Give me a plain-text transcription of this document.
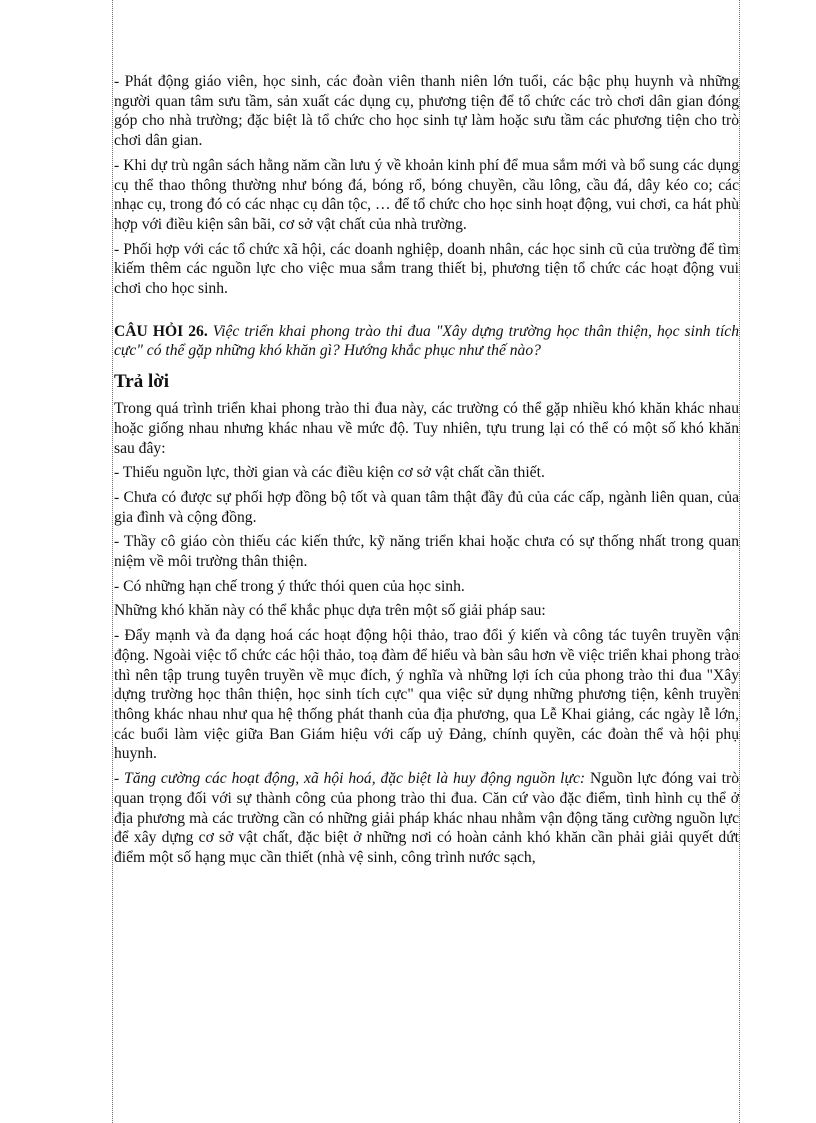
- Phát động giáo viên, học sinh, các đoàn viên thanh niên lớn tuổi, các bậc phụ huynh và những người quan tâm sưu tầm, sản xuất các dụng cụ, phương tiện để tổ chức các trò chơi dân gian đóng góp cho nhà trường; đặc biệt là tổ chức cho học sinh tự làm hoặc sưu tầm các phương tiện cho trò chơi dân gian.

- Khi dự trù ngân sách hằng năm cần lưu ý về khoản kinh phí để mua sắm mới và bổ sung các dụng cụ thể thao thông thường như bóng đá, bóng rổ, bóng chuyền, cầu lông, cầu đá, dây kéo co; các nhạc cụ, trong đó có các nhạc cụ dân tộc, … để tổ chức cho học sinh hoạt động, vui chơi, ca hát phù hợp với điều kiện sân bãi, cơ sở vật chất của nhà trường.

- Phối hợp với các tổ chức xã hội, các doanh nghiệp, doanh nhân, các học sinh cũ của trường để tìm kiếm thêm các nguồn lực cho việc mua sắm trang thiết bị, phương tiện tổ chức các hoạt động vui chơi cho học sinh.

CÂU HỎI 26. Việc triển khai phong trào thi đua "Xây dựng trường học thân thiện, học sinh tích cực" có thể gặp những khó khăn gì? Hướng khắc phục như thế nào?

Trả lời

Trong quá trình triển khai phong trào thi đua này, các trường có thể gặp nhiều khó khăn khác nhau hoặc giống nhau nhưng khác nhau về mức độ. Tuy nhiên, tựu trung lại có thể có một số khó khăn sau đây:

- Thiếu nguồn lực, thời gian và các điều kiện cơ sở vật chất cần thiết.

- Chưa có được sự phối hợp đồng bộ tốt và quan tâm thật đầy đủ của các cấp, ngành liên quan, của gia đình và cộng đồng.

- Thầy cô giáo còn thiếu các kiến thức, kỹ năng triển khai hoặc chưa có sự thống nhất trong quan niệm về môi trường thân thiện.

- Có những hạn chế trong ý thức thói quen của học sinh.

Những khó khăn này có thể khắc phục dựa trên một số giải pháp sau:

- Đẩy mạnh và đa dạng hoá các hoạt động hội thảo, trao đổi ý kiến và công tác tuyên truyền vận động. Ngoài việc tổ chức các hội thảo, toạ đàm để hiểu và bàn sâu hơn về việc triển khai phong trào thì nên tập trung tuyên truyền về mục đích, ý nghĩa và những lợi ích của phong trào thi đua "Xây dựng trường học thân thiện, học sinh tích cực" qua việc sử dụng những phương tiện, kênh truyền thông khác nhau như qua hệ thống phát thanh của địa phương, qua Lễ Khai giảng, các ngày lễ lớn, các buổi làm việc giữa Ban Giám hiệu với cấp uỷ Đảng, chính quyền, các đoàn thể và hội phụ huynh.

- Tăng cường các hoạt động, xã hội hoá, đặc biệt là huy động nguồn lực: Nguồn lực đóng vai trò quan trọng đối với sự thành công của phong trào thi đua. Căn cứ vào đặc điểm, tình hình cụ thể ở địa phương mà các trường cần có những giải pháp khác nhau nhằm vận động tăng cường nguồn lực để xây dựng cơ sở vật chất, đặc biệt ở những nơi có hoàn cảnh khó khăn cần phải giải quyết dứt điểm một số hạng mục cần thiết (nhà vệ sinh, công trình nước sạch,
